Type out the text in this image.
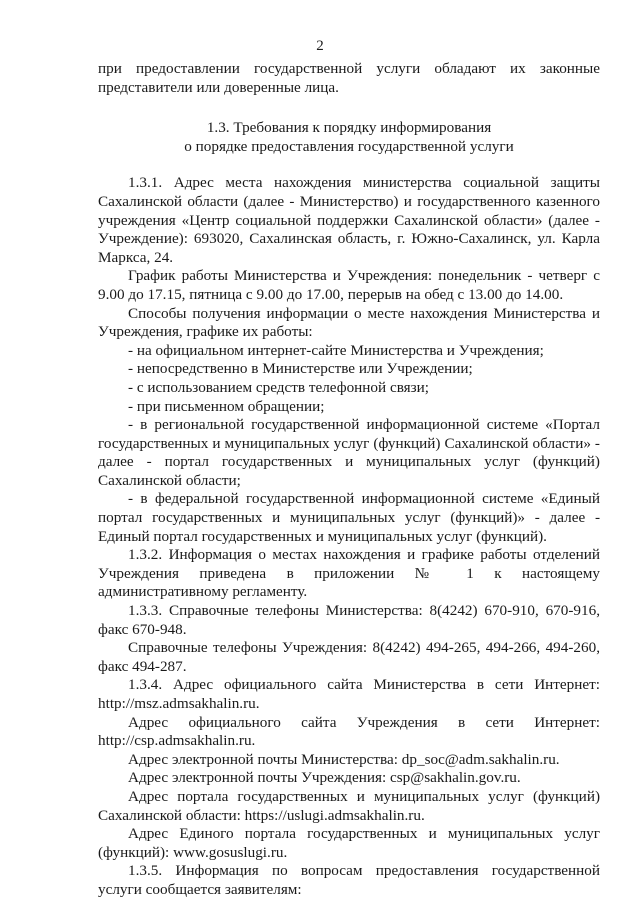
2

при предоставлении государственной услуги обладают их законные представители или доверенные лица.

1.3. Требования к порядку информирования
о порядке предоставления государственной услуги

1.3.1. Адрес места нахождения министерства социальной защиты Сахалинской области (далее - Министерство) и государственного казенного учреждения «Центр социальной поддержки Сахалинской области» (далее - Учреждение): 693020, Сахалинская область, г. Южно-Сахалинск, ул. Карла Маркса, 24.

График работы Министерства и Учреждения: понедельник - четверг с 9.00 до 17.15, пятница с 9.00 до 17.00, перерыв на обед с 13.00 до 14.00.

Способы получения информации о месте нахождения Министерства и Учреждения, графике их работы:

- на официальном интернет-сайте Министерства и Учреждения;

- непосредственно в Министерстве или Учреждении;

- с использованием средств телефонной связи;

- при письменном обращении;

- в региональной государственной информационной системе «Портал государственных и муниципальных услуг (функций) Сахалинской области» - далее - портал государственных и муниципальных услуг (функций) Сахалинской области;

- в федеральной государственной информационной системе «Единый портал государственных и муниципальных услуг (функций)» - далее - Единый портал государственных и муниципальных услуг (функций).

1.3.2. Информация о местах нахождения и графике работы отделений Учреждения приведена в приложении № 1 к настоящему административному регламенту.

1.3.3. Справочные телефоны Министерства: 8(4242) 670-910, 670-916, факс 670-948.

Справочные телефоны Учреждения: 8(4242) 494-265, 494-266, 494-260, факс 494-287.

1.3.4. Адрес официального сайта Министерства в сети Интернет: http://msz.admsakhalin.ru.

Адрес официального сайта Учреждения в сети Интернет: http://csp.admsakhalin.ru.

Адрес электронной почты Министерства: dp_soc@adm.sakhalin.ru.

Адрес электронной почты Учреждения: csp@sakhalin.gov.ru.

Адрес портала государственных и муниципальных услуг (функций) Сахалинской области: https://uslugi.admsakhalin.ru.

Адрес Единого портала государственных и муниципальных услуг (функций): www.gosuslugi.ru.

1.3.5. Информация по вопросам предоставления государственной услуги сообщается заявителям:
